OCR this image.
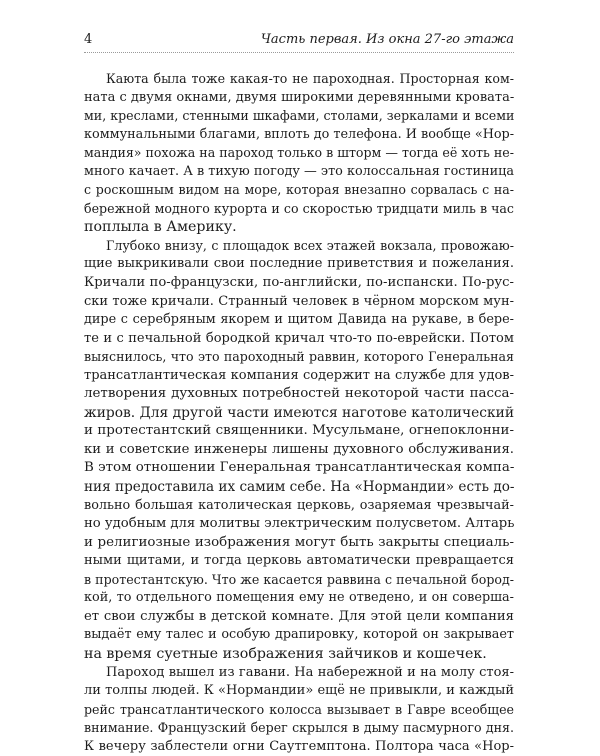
4	Часть первая. Из окна 27-го этажа
Каюта была тоже какая-то не пароходная. Просторная ком-
ната с двумя окнами, двумя широкими деревянными кровата-
ми, креслами, стенными шкафами, столами, зеркалами и всеми
коммунальными благами, вплоть до телефона. И вообще «Нор-
мандия» похожа на пароход только в шторм — тогда её хоть не-
много качает. А в тихую погоду — это колоссальная гостиница
с роскошным видом на море, которая внезапно сорвалась с на-
бережной модного курорта и со скоростью тридцати миль в час
поплыла в Америку.
Глубоко внизу, с площадок всех этажей вокзала, провожаю-
щие выкрикивали свои последние приветствия и пожелания.
Кричали по-французски, по-английски, по-испански. По-рус-
ски тоже кричали. Странный человек в чёрном морском мун-
дире с серебряным якорем и щитом Давида на рукаве, в бере-
те и с печальной бородкой кричал что-то по-еврейски. Потом
выяснилось, что это пароходный раввин, которого Генеральная
трансатлантическая компания содержит на службе для удов-
летворения духовных потребностей некоторой части пасса-
жиров. Для другой части имеются наготове католический
и протестантский священники. Мусульмане, огнепоклонни-
ки и советские инженеры лишены духовного обслуживания.
В этом отношении Генеральная трансатлантическая компа-
ния предоставила их самим себе. На «Нормандии» есть до-
вольно большая католическая церковь, озаряемая чрезвычай-
но удобным для молитвы электрическим полусветом. Алтарь
и религиозные изображения могут быть закрыты специаль-
ными щитами, и тогда церковь автоматически превращается
в протестантскую. Что же касается раввина с печальной бород-
кой, то отдельного помещения ему не отведено, и он соверша-
ет свои службы в детской комнате. Для этой цели компания
выдаёт ему талес и особую драпировку, которой он закрывает
на время суетные изображения зайчиков и кошечек.
Пароход вышел из гавани. На набережной и на молу стоя-
ли толпы людей. К «Нормандии» ещё не привыкли, и каждый
рейс трансатлантического колосса вызывает в Гавре всеобщее
внимание. Французский берег скрылся в дыму пасмурного дня.
К вечеру заблестели огни Саутгемптона. Полтора часа «Нор-
